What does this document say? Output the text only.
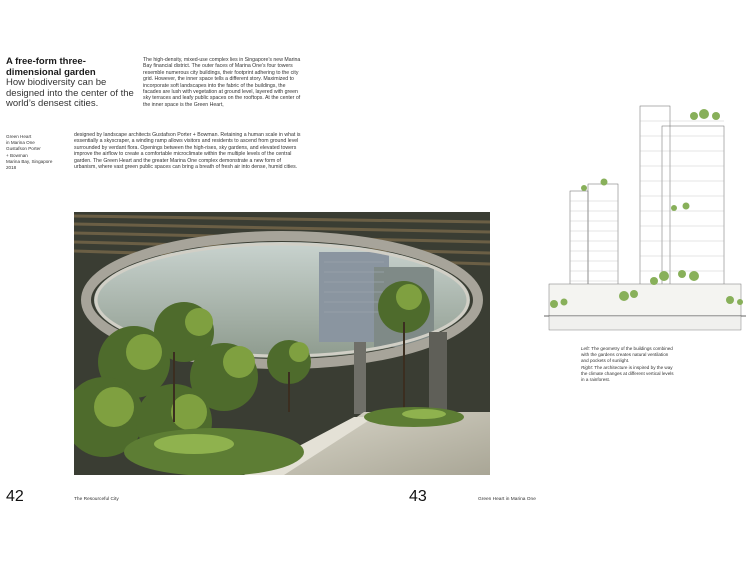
A free-form three-dimensional garden

How biodiversity can be designed into the center of the world’s densest cities.

Green Heart
in Marina One
Gustafson Porter
+ Bowman
Marina Bay, Singapore
2018

The high-density, mixed-use complex lies in Singapore’s new Marina Bay financial district. The outer faces of Marina One’s four towers resemble numerous city buildings, their footprint adhering to the city grid. However, the inner space tells a different story. Maximized to incorporate soft landscapes into the fabric of the buildings, the facades are lush with vegetation at ground level, layered with green sky terraces and leafy public spaces on the rooftops. At the center of the inner space is the Green Heart,

designed by landscape architects Gustafson Porter + Bowman. Retaining a human scale in what is essentially a skyscraper, a winding ramp allows visitors and residents to ascend from ground level surrounded by verdant flora. Openings between the high-rises, sky gardens, and elevated towers improve the airflow to create a comfortable microclimate within the multiple levels of the central garden. The Green Heart and the greater Marina One complex demonstrate a new form of urbanism, where vast green public spaces can bring a breath of fresh air into dense, humid cities.

Left: The geometry of the buildings combined with the gardens creates natural ventilation and pockets of sunlight.

Right: The architecture is inspired by the way the climate changes at different vertical levels in a rainforest.

42	The Resourceful City	43	Green Heart in Marina One
